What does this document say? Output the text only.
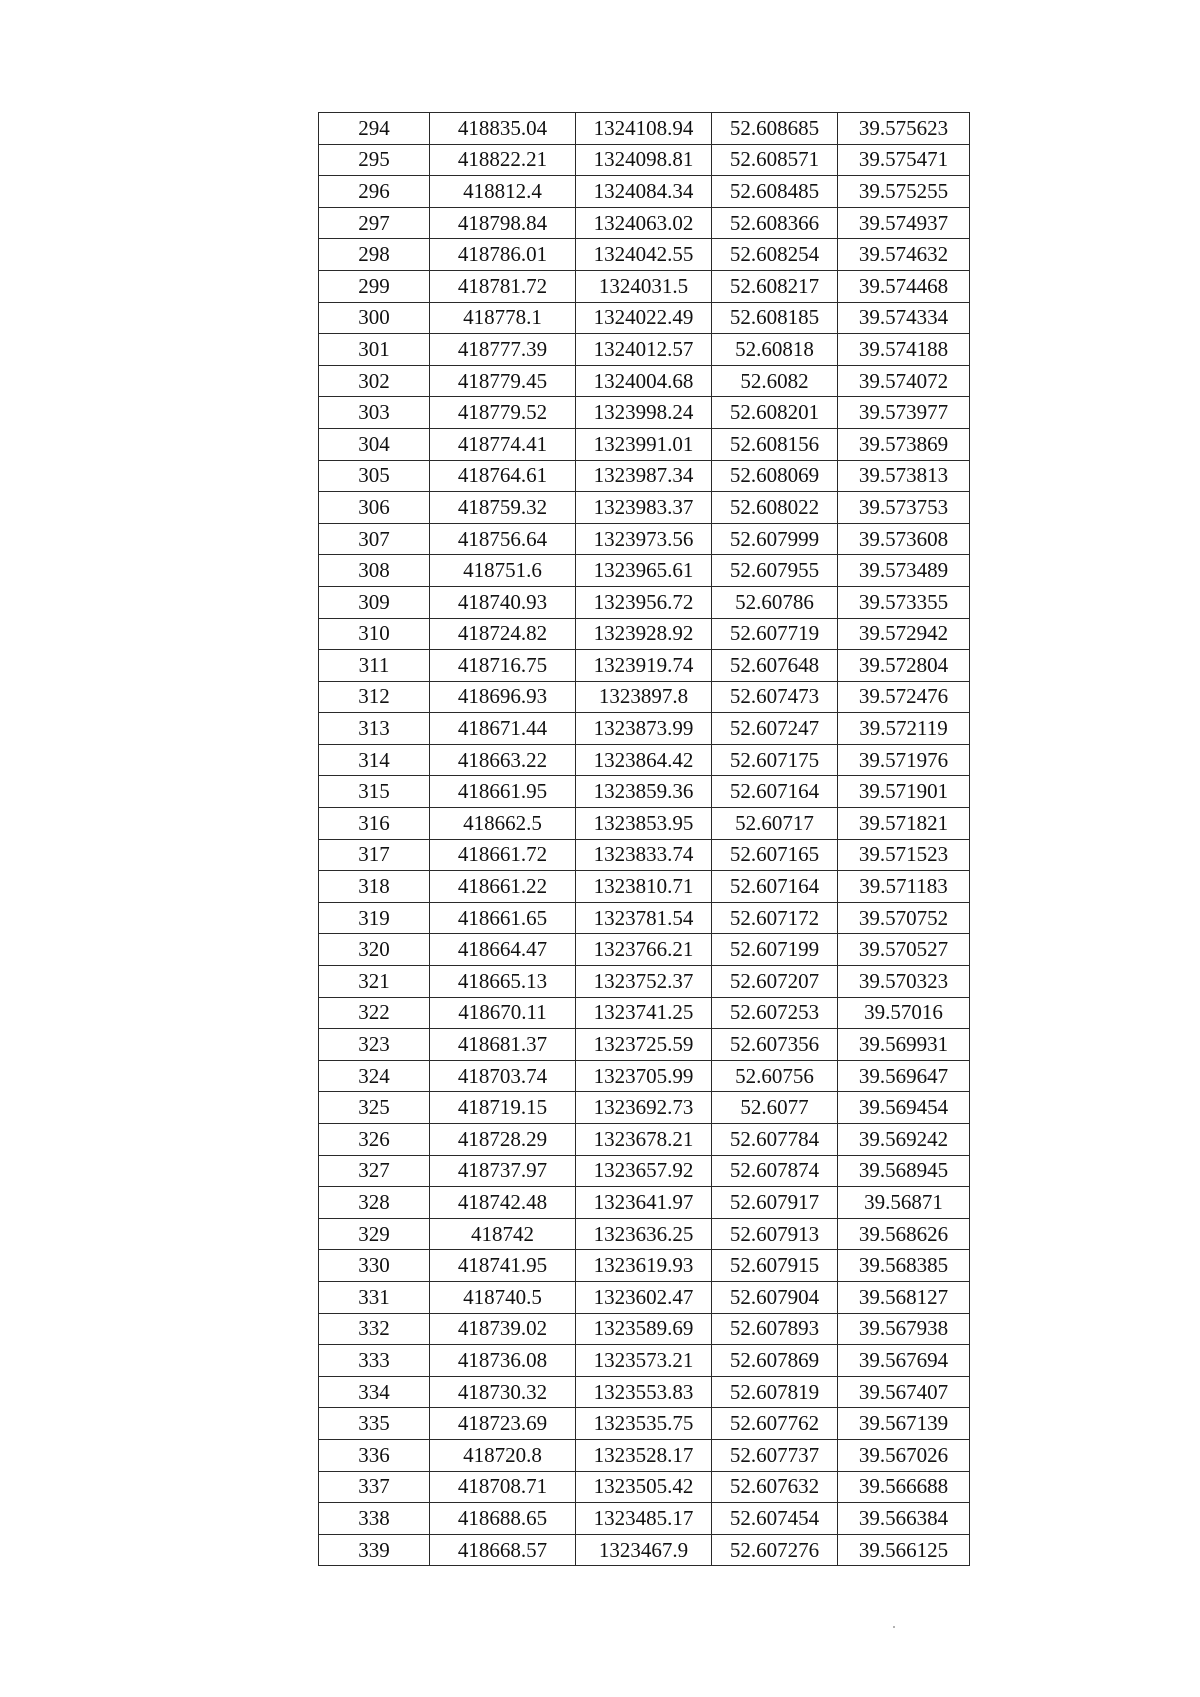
294	418835.04	1324108.94	52.608685	39.575623
295	418822.21	1324098.81	52.608571	39.575471
296	418812.4	1324084.34	52.608485	39.575255
297	418798.84	1324063.02	52.608366	39.574937
298	418786.01	1324042.55	52.608254	39.574632
299	418781.72	1324031.5	52.608217	39.574468
300	418778.1	1324022.49	52.608185	39.574334
301	418777.39	1324012.57	52.60818	39.574188
302	418779.45	1324004.68	52.6082	39.574072
303	418779.52	1323998.24	52.608201	39.573977
304	418774.41	1323991.01	52.608156	39.573869
305	418764.61	1323987.34	52.608069	39.573813
306	418759.32	1323983.37	52.608022	39.573753
307	418756.64	1323973.56	52.607999	39.573608
308	418751.6	1323965.61	52.607955	39.573489
309	418740.93	1323956.72	52.60786	39.573355
310	418724.82	1323928.92	52.607719	39.572942
311	418716.75	1323919.74	52.607648	39.572804
312	418696.93	1323897.8	52.607473	39.572476
313	418671.44	1323873.99	52.607247	39.572119
314	418663.22	1323864.42	52.607175	39.571976
315	418661.95	1323859.36	52.607164	39.571901
316	418662.5	1323853.95	52.60717	39.571821
317	418661.72	1323833.74	52.607165	39.571523
318	418661.22	1323810.71	52.607164	39.571183
319	418661.65	1323781.54	52.607172	39.570752
320	418664.47	1323766.21	52.607199	39.570527
321	418665.13	1323752.37	52.607207	39.570323
322	418670.11	1323741.25	52.607253	39.57016
323	418681.37	1323725.59	52.607356	39.569931
324	418703.74	1323705.99	52.60756	39.569647
325	418719.15	1323692.73	52.6077	39.569454
326	418728.29	1323678.21	52.607784	39.569242
327	418737.97	1323657.92	52.607874	39.568945
328	418742.48	1323641.97	52.607917	39.56871
329	418742	1323636.25	52.607913	39.568626
330	418741.95	1323619.93	52.607915	39.568385
331	418740.5	1323602.47	52.607904	39.568127
332	418739.02	1323589.69	52.607893	39.567938
333	418736.08	1323573.21	52.607869	39.567694
334	418730.32	1323553.83	52.607819	39.567407
335	418723.69	1323535.75	52.607762	39.567139
336	418720.8	1323528.17	52.607737	39.567026
337	418708.71	1323505.42	52.607632	39.566688
338	418688.65	1323485.17	52.607454	39.566384
339	418668.57	1323467.9	52.607276	39.566125
